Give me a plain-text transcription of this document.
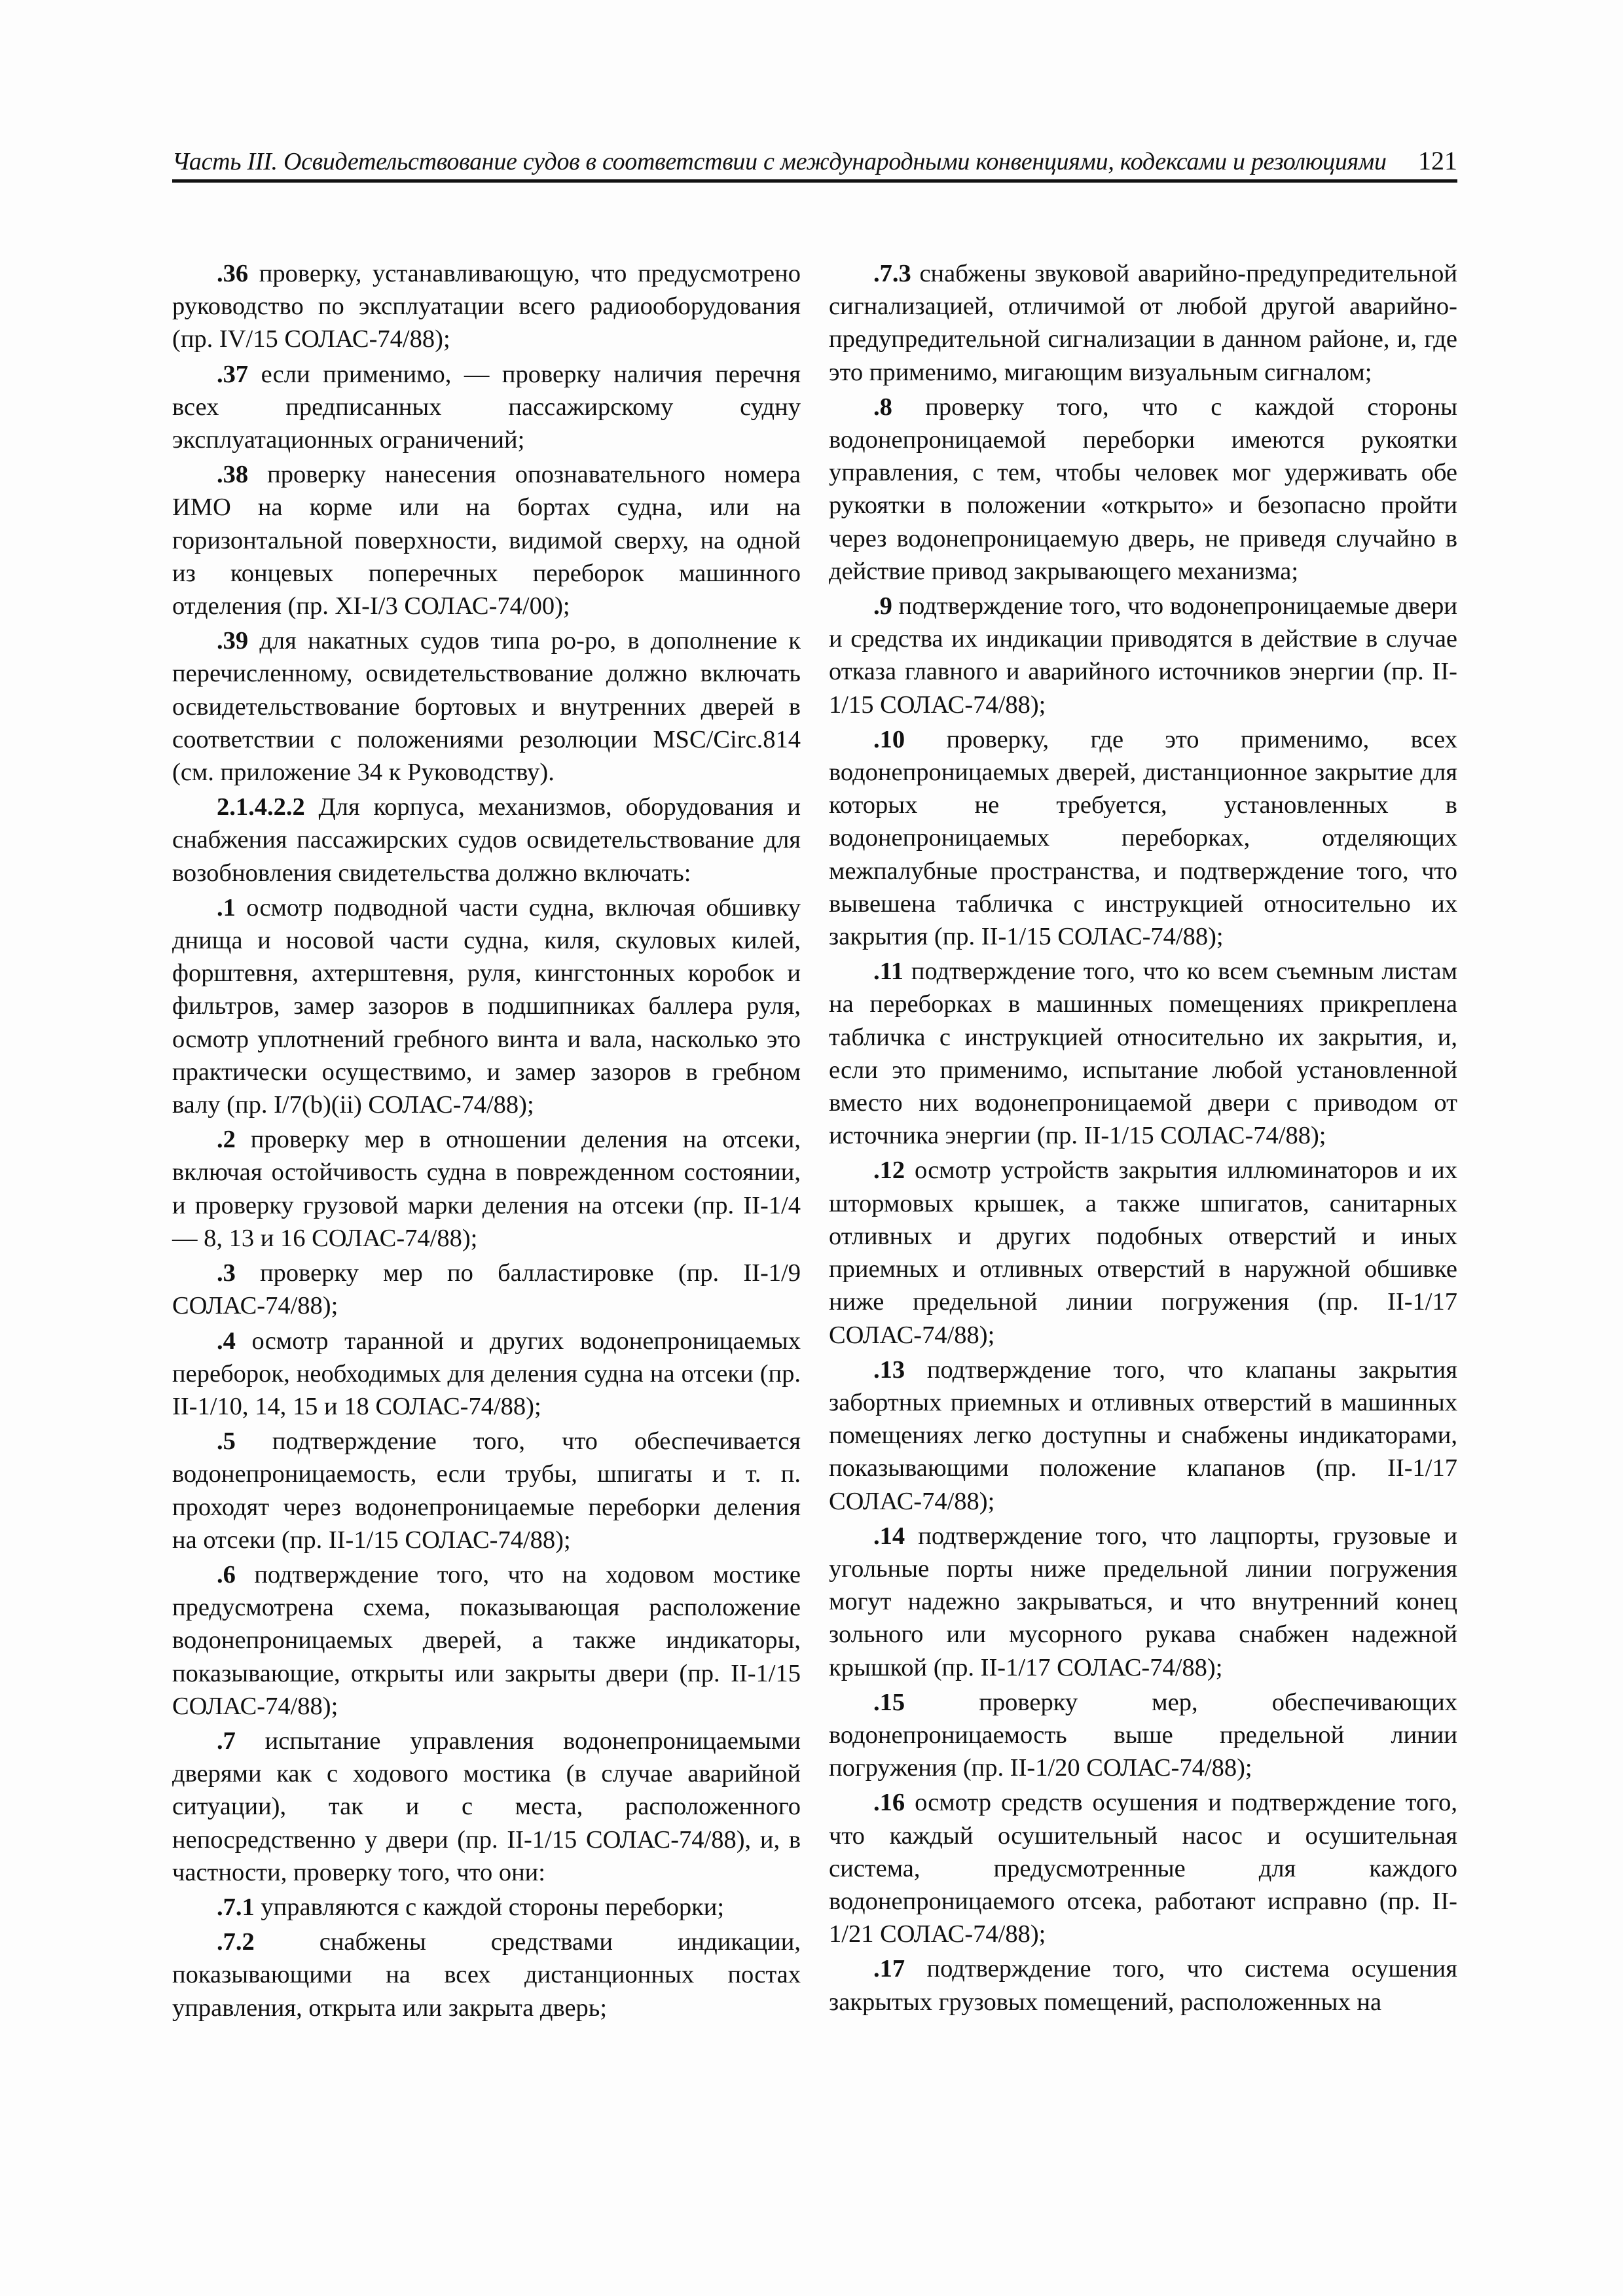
Часть III. Освидетельствование судов в соответствии с международными конвенциями, кодексами и резолюциями 121

.36 проверку, устанавливающую, что предусмотрено руководство по эксплуатации всего радиооборудования (пр. IV/15 СОЛАС-74/88);

.37 если применимо, — проверку наличия перечня всех предписанных пассажирскому судну эксплуатационных ограничений;

.38 проверку нанесения опознавательного номера ИМО на корме или на бортах судна, или на горизонтальной поверхности, видимой сверху, на одной из концевых поперечных переборок машинного отделения (пр. XI-I/3 СОЛАС-74/00);

.39 для накатных судов типа ро-ро, в дополнение к перечисленному, освидетельствование должно включать освидетельствование бортовых и внутренних дверей в соответствии с положениями резолюции MSC/Circ.814 (см. приложение 34 к Руководству).

2.1.4.2.2 Для корпуса, механизмов, оборудования и снабжения пассажирских судов освидетельствование для возобновления свидетельства должно включать:

.1 осмотр подводной части судна, включая обшивку днища и носовой части судна, киля, скуловых килей, форштевня, ахтерштевня, руля, кингстонных коробок и фильтров, замер зазоров в подшипниках баллера руля, осмотр уплотнений гребного винта и вала, насколько это практически осуществимо, и замер зазоров в гребном валу (пр. I/7(b)(ii) СОЛАС-74/88);

.2 проверку мер в отношении деления на отсеки, включая остойчивость судна в поврежденном состоянии, и проверку грузовой марки деления на отсеки (пр. II-1/4 — 8, 13 и 16 СОЛАС-74/88);

.3 проверку мер по балластировке (пр. II-1/9 СОЛАС-74/88);

.4 осмотр таранной и других водонепроницаемых переборок, необходимых для деления судна на отсеки (пр. II-1/10, 14, 15 и 18 СОЛАС-74/88);

.5 подтверждение того, что обеспечивается водонепроницаемость, если трубы, шпигаты и т. п. проходят через водонепроницаемые переборки деления на отсеки (пр. II-1/15 СОЛАС-74/88);

.6 подтверждение того, что на ходовом мостике предусмотрена схема, показывающая расположение водонепроницаемых дверей, а также индикаторы, показывающие, открыты или закрыты двери (пр. II-1/15 СОЛАС-74/88);

.7 испытание управления водонепроницаемыми дверями как с ходового мостика (в случае аварийной ситуации), так и с места, расположенного непосредственно у двери (пр. II-1/15 СОЛАС-74/88), и, в частности, проверку того, что они:

.7.1 управляются с каждой стороны переборки;

.7.2 снабжены средствами индикации, показывающими на всех дистанционных постах управления, открыта или закрыта дверь;

.7.3 снабжены звуковой аварийно-предупредительной сигнализацией, отличимой от любой другой аварийно-предупредительной сигнализации в данном районе, и, где это применимо, мигающим визуальным сигналом;

.8 проверку того, что с каждой стороны водонепроницаемой переборки имеются рукоятки управления, с тем, чтобы человек мог удерживать обе рукоятки в положении «открыто» и безопасно пройти через водонепроницаемую дверь, не приведя случайно в действие привод закрывающего механизма;

.9 подтверждение того, что водонепроницаемые двери и средства их индикации приводятся в действие в случае отказа главного и аварийного источников энергии (пр. II-1/15 СОЛАС-74/88);

.10 проверку, где это применимо, всех водонепроницаемых дверей, дистанционное закрытие для которых не требуется, установленных в водонепроницаемых переборках, отделяющих межпалубные пространства, и подтверждение того, что вывешена табличка с инструкцией относительно их закрытия (пр. II-1/15 СОЛАС-74/88);

.11 подтверждение того, что ко всем съемным листам на переборках в машинных помещениях прикреплена табличка с инструкцией относительно их закрытия, и, если это применимо, испытание любой установленной вместо них водонепроницаемой двери с приводом от источника энергии (пр. II-1/15 СОЛАС-74/88);

.12 осмотр устройств закрытия иллюминаторов и их штормовых крышек, а также шпигатов, санитарных отливных и других подобных отверстий и иных приемных и отливных отверстий в наружной обшивке ниже предельной линии погружения (пр. II-1/17 СОЛАС-74/88);

.13 подтверждение того, что клапаны закрытия забортных приемных и отливных отверстий в машинных помещениях легко доступны и снабжены индикаторами, показывающими положение клапанов (пр. II-1/17 СОЛАС-74/88);

.14 подтверждение того, что лацпорты, грузовые и угольные порты ниже предельной линии погружения могут надежно закрываться, и что внутренний конец зольного или мусорного рукава снабжен надежной крышкой (пр. II-1/17 СОЛАС-74/88);

.15 проверку мер, обеспечивающих водонепроницаемость выше предельной линии погружения (пр. II-1/20 СОЛАС-74/88);

.16 осмотр средств осушения и подтверждение того, что каждый осушительный насос и осушительная система, предусмотренные для каждого водонепроницаемого отсека, работают исправно (пр. II-1/21 СОЛАС-74/88);

.17 подтверждение того, что система осушения закрытых грузовых помещений, расположенных на
